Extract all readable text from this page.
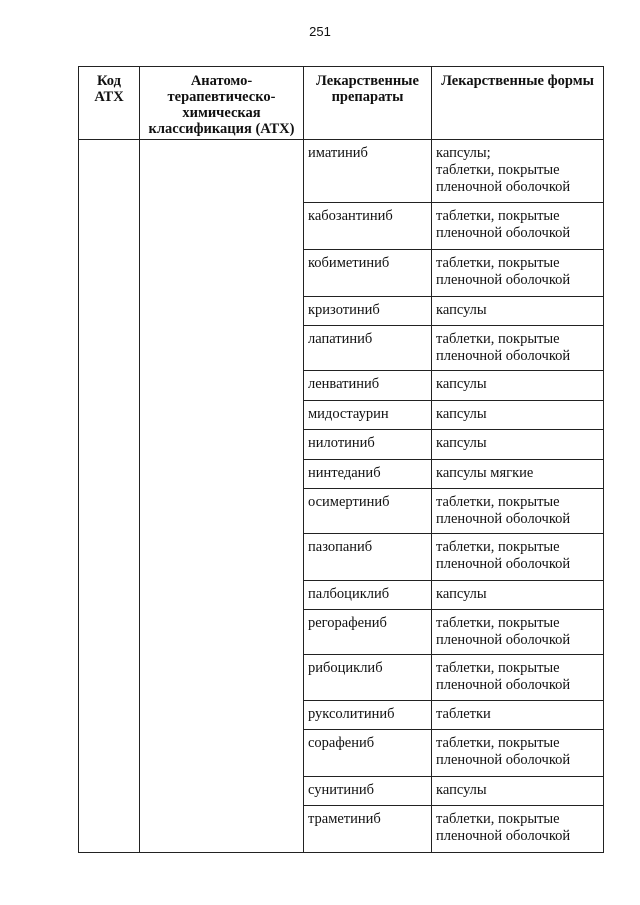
251
Код АТХ	Анатомо-терапевтическо-химическая классификация (АТХ)	Лекарственные препараты	Лекарственные формы
		иматиниб	капсулы;
таблетки, покрытые пленочной оболочкой
		кабозантиниб	таблетки, покрытые пленочной оболочкой
		кобиметиниб	таблетки, покрытые пленочной оболочкой
		кризотиниб	капсулы
		лапатиниб	таблетки, покрытые пленочной оболочкой
		ленватиниб	капсулы
		мидостаурин	капсулы
		нилотиниб	капсулы
		нинтеданиб	капсулы мягкие
		осимертиниб	таблетки, покрытые пленочной оболочкой
		пазопаниб	таблетки, покрытые пленочной оболочкой
		палбоциклиб	капсулы
		регорафениб	таблетки, покрытые пленочной оболочкой
		рибоциклиб	таблетки, покрытые пленочной оболочкой
		руксолитиниб	таблетки
		сорафениб	таблетки, покрытые пленочной оболочкой
		сунитиниб	капсулы
		траметиниб	таблетки, покрытые пленочной оболочкой
